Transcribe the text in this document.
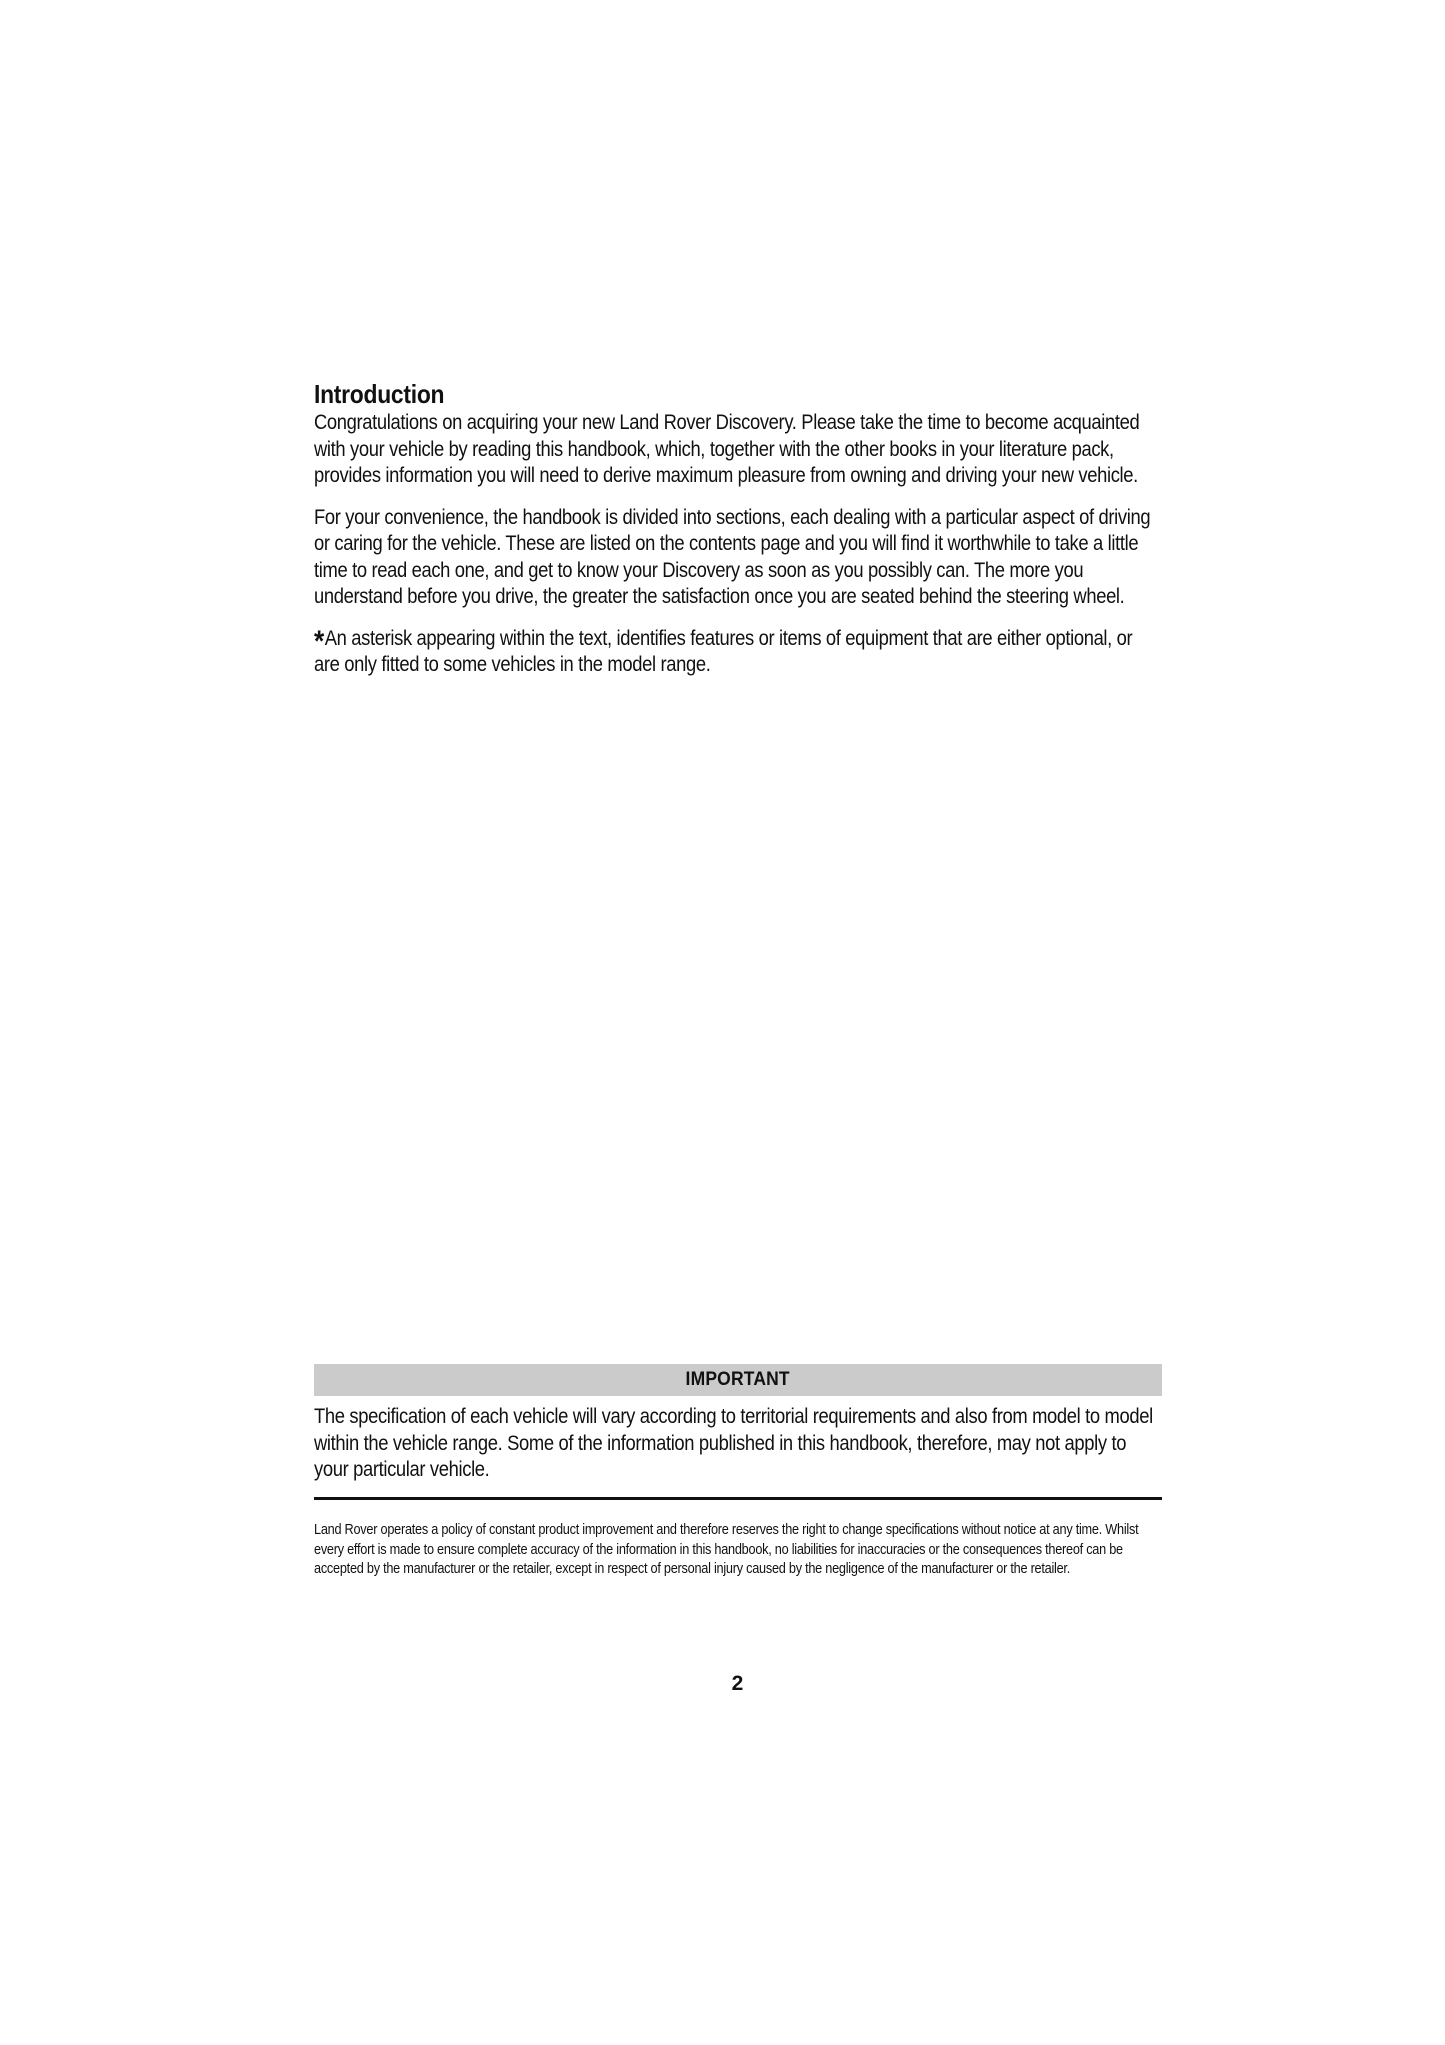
Introduction

Congratulations on acquiring your new Land Rover Discovery. Please take the time to become acquainted with your vehicle by reading this handbook, which, together with the other books in your literature pack, provides information you will need to derive maximum pleasure from owning and driving your new vehicle.

For your convenience, the handbook is divided into sections, each dealing with a particular aspect of driving or caring for the vehicle. These are listed on the contents page and you will find it worthwhile to take a little time to read each one, and get to know your Discovery as soon as you possibly can. The more you understand before you drive, the greater the satisfaction once you are seated behind the steering wheel.

*An asterisk appearing within the text, identifies features or items of equipment that are either optional, or are only fitted to some vehicles in the model range.

IMPORTANT

The specification of each vehicle will vary according to territorial requirements and also from model to model within the vehicle range. Some of the information published in this handbook, therefore, may not apply to your particular vehicle.

Land Rover operates a policy of constant product improvement and therefore reserves the right to change specifications without notice at any time. Whilst every effort is made to ensure complete accuracy of the information in this handbook, no liabilities for inaccuracies or the consequences thereof can be accepted by the manufacturer or the retailer, except in respect of personal injury caused by the negligence of the manufacturer or the retailer.

2
